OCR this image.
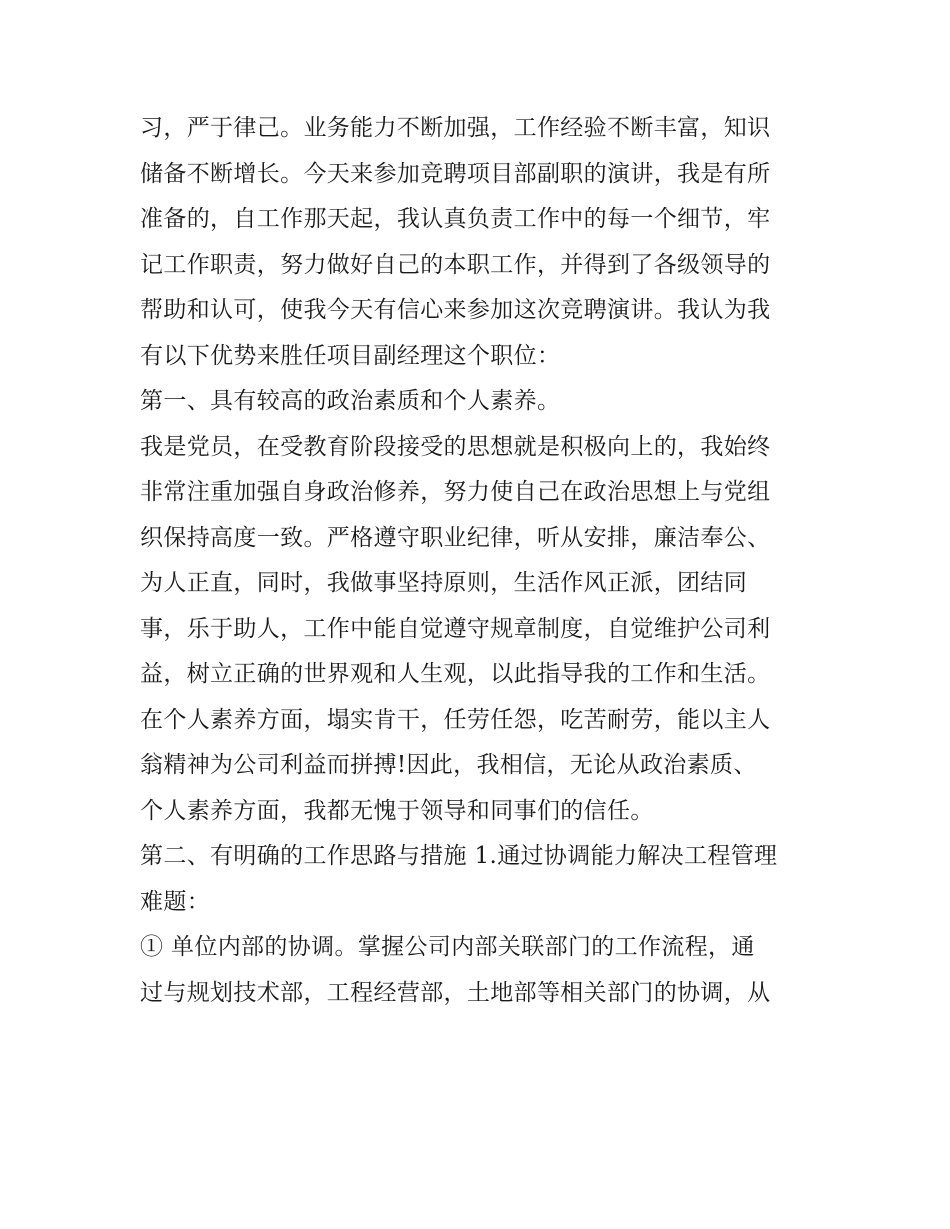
习，严于律己。业务能力不断加强，工作经验不断丰富，知识
储备不断增长。今天来参加竞聘项目部副职的演讲，我是有所
准备的，自工作那天起，我认真负责工作中的每一个细节，牢
记工作职责，努力做好自己的本职工作，并得到了各级领导的
帮助和认可，使我今天有信心来参加这次竞聘演讲。我认为我
有以下优势来胜任项目副经理这个职位：
第一、具有较高的政治素质和个人素养。
我是党员，在受教育阶段接受的思想就是积极向上的，我始终
非常注重加强自身政治修养，努力使自己在政治思想上与党组
织保持高度一致。严格遵守职业纪律，听从安排，廉洁奉公、
为人正直，同时，我做事坚持原则，生活作风正派，团结同
事，乐于助人，工作中能自觉遵守规章制度，自觉维护公司利
益，树立正确的世界观和人生观，以此指导我的工作和生活。
在个人素养方面，塌实肯干，任劳任怨，吃苦耐劳，能以主人
翁精神为公司利益而拼搏!因此，我相信，无论从政治素质、
个人素养方面，我都无愧于领导和同事们的信任。
第二、有明确的工作思路与措施 1.通过协调能力解决工程管理
难题：
① 单位内部的协调。掌握公司内部关联部门的工作流程，通
过与规划技术部，工程经营部，土地部等相关部门的协调，从
